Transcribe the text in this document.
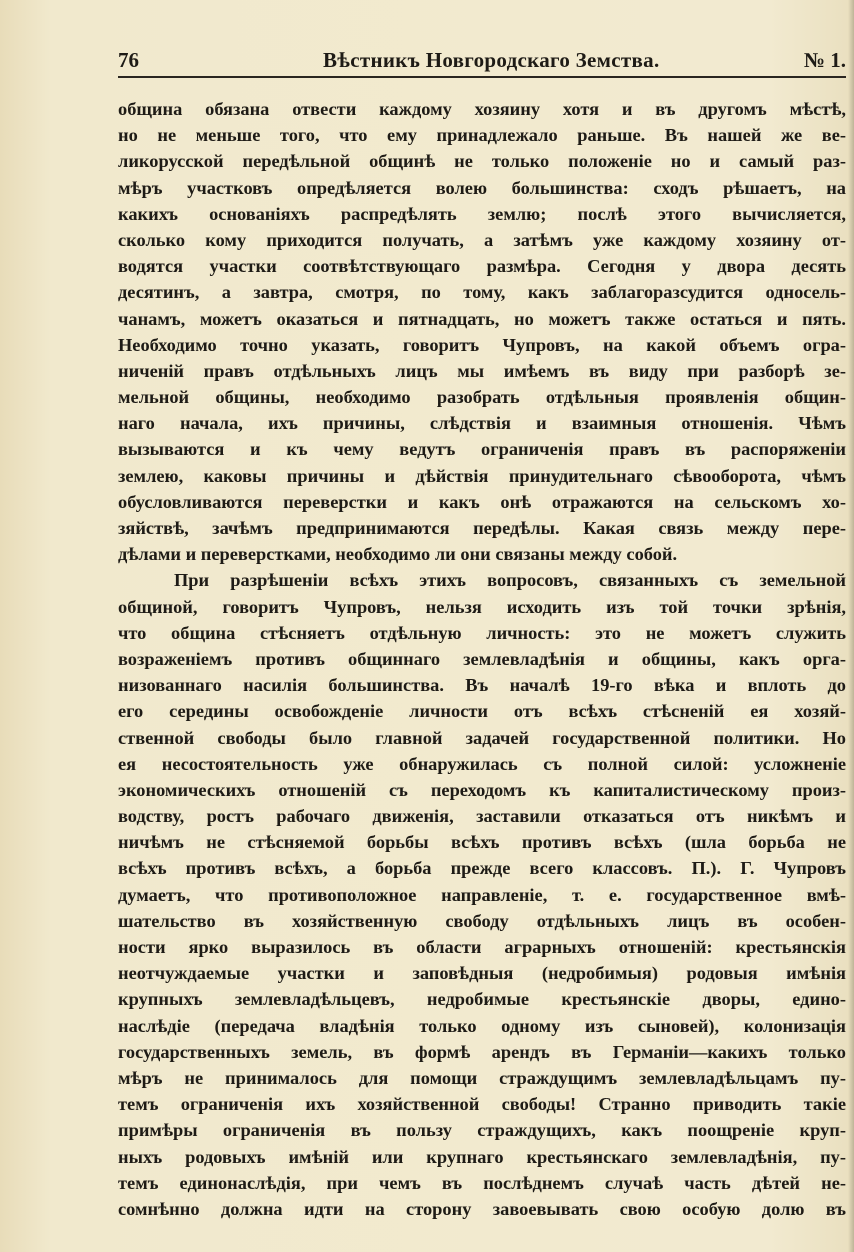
76	Вѣстникъ Новгородскаго Земства.	№ 1.
община обязана отвести каждому хозяину хотя и въ другомъ мѣстѣ,
но не меньше того, что ему принадлежало раньше. Въ нашей же ве-
ликорусской передѣльной общинѣ не только положеніе но и самый раз-
мѣръ участковъ опредѣляется волею большинства: сходъ рѣшаетъ, на
какихъ основаніяхъ распредѣлять землю; послѣ этого вычисляется,
сколько кому приходится получать, а затѣмъ уже каждому хозяину от-
водятся участки соотвѣтствующаго размѣра. Сегодня у двора десять
десятинъ, а завтра, смотря, по тому, какъ заблагоразсудится односель-
чанамъ, можетъ оказаться и пятнадцать, но можетъ также остаться и пять.
Необходимо точно указать, говоритъ Чупровъ, на какой объемъ огра-
ниченій правъ отдѣльныхъ лицъ мы имѣемъ въ виду при разборѣ зе-
мельной общины, необходимо разобрать отдѣльныя проявленія общин-
наго начала, ихъ причины, слѣдствія и взаимныя отношенія. Чѣмъ
вызываются и къ чему ведутъ ограниченія правъ въ распоряженіи
землею, каковы причины и дѣйствія принудительнаго сѣвооборота, чѣмъ
обусловливаются переверстки и какъ онѣ отражаются на сельскомъ хо-
зяйствѣ, зачѣмъ предпринимаются передѣлы. Какая связь между пере-
дѣлами и переверстками, необходимо ли они связаны между собой.
При разрѣшеніи всѣхъ этихъ вопросовъ, связанныхъ съ земельной
общиной, говоритъ Чупровъ, нельзя исходить изъ той точки зрѣнія,
что община стѣсняетъ отдѣльную личность: это не можетъ служить
возраженіемъ противъ общиннаго землевладѣнія и общины, какъ орга-
низованнаго насилія большинства. Въ началѣ 19-го вѣка и вплоть до
его середины освобожденіе личности отъ всѣхъ стѣсненій ея хозяй-
ственной свободы было главной задачей государственной политики. Но
ея несостоятельность уже обнаружилась съ полной силой: усложненіе
экономическихъ отношеній съ переходомъ къ капиталистическому произ-
водству, ростъ рабочаго движенія, заставили отказаться отъ никѣмъ и
ничѣмъ не стѣсняемой борьбы всѣхъ противъ всѣхъ (шла борьба не
всѣхъ противъ всѣхъ, а борьба прежде всего классовъ. П.). Г. Чупровъ
думаетъ, что противоположное направленіе, т. е. государственное вмѣ-
шательство въ хозяйственную свободу отдѣльныхъ лицъ въ особен-
ности ярко выразилось въ области аграрныхъ отношеній: крестьянскія
неотчуждаемые участки и заповѣдныя (недробимыя) родовыя имѣнія
крупныхъ землевладѣльцевъ, недробимые крестьянскіе дворы, едино-
наслѣдіе (передача владѣнія только одному изъ сыновей), колонизація
государственныхъ земель, въ формѣ арендъ въ Германіи—какихъ только
мѣръ не принималось для помощи страждущимъ землевладѣльцамъ пу-
темъ ограниченія ихъ хозяйственной свободы! Странно приводить такіе
примѣры ограниченія въ пользу страждущихъ, какъ поощреніе круп-
ныхъ родовыхъ имѣній или крупнаго крестьянскаго землевладѣнія, пу-
темъ единонаслѣдія, при чемъ въ послѣднемъ случаѣ часть дѣтей не-
сомнѣнно должна идти на сторону завоевывать свою особую долю въ
